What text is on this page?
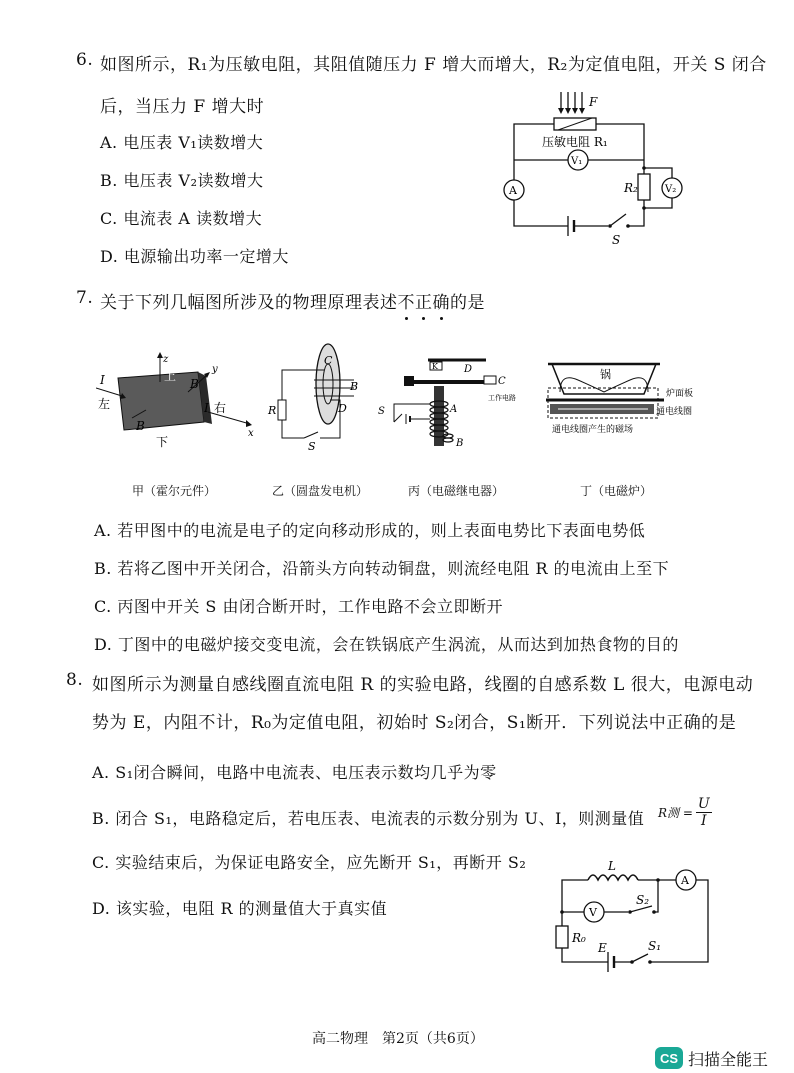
6. 如图所示，R₁为压敏电阻，其阻值随压力 F 增大而增大，R₂为定值电阻，开关 S 闭合
后，当压力 F 增大时
A. 电压表 V₁读数增大
B. 电压表 V₂读数增大
C. 电流表 A 读数增大
D. 电源输出功率一定增大
F
压敏电阻 R₁
V₁
A
S
R₂	V₂
7. 关于下列几幅图所涉及的物理原理表述不正确的是
z
上
下
左	右
I
I
x
B
y
B
C
B
D
R
S
K	D
C
工作电路
A
B
S
锅
炉面板
通电线圈
通电线圈产生的磁场
甲（霍尔元件）	乙（圆盘发电机）	丙（电磁继电器）	丁（电磁炉）
A. 若甲图中的电流是电子的定向移动形成的，则上表面电势比下表面电势低
B. 若将乙图中开关闭合，沿箭头方向转动铜盘，则流经电阻 R 的电流由上至下
C. 丙图中开关 S 由闭合断开时，工作电路不会立即断开
D. 丁图中的电磁炉接交变电流，会在铁锅底产生涡流，从而达到加热食物的目的
8. 如图所示为测量自感线圈直流电阻 R 的实验电路，线圈的自感系数 L 很大，电源电动
势为 E，内阻不计，R₀为定值电阻，初始时 S₂闭合，S₁断开．下列说法中正确的是
A. S₁闭合瞬间，电路中电流表、电压表示数均几乎为零
B. 闭合 S₁，电路稳定后，若电压表、电流表的示数分别为 U、I，则测量值 R测 = $\frac{U}{I}$
C. 实验结束后，为保证电路安全，应先断开 S₁，再断开 S₂
D. 该实验，电阻 R 的测量值大于真实值
L
A
V
S₂
R₀
E	S₁
高二物理　第2页（共6页）
CS 扫描全能王
